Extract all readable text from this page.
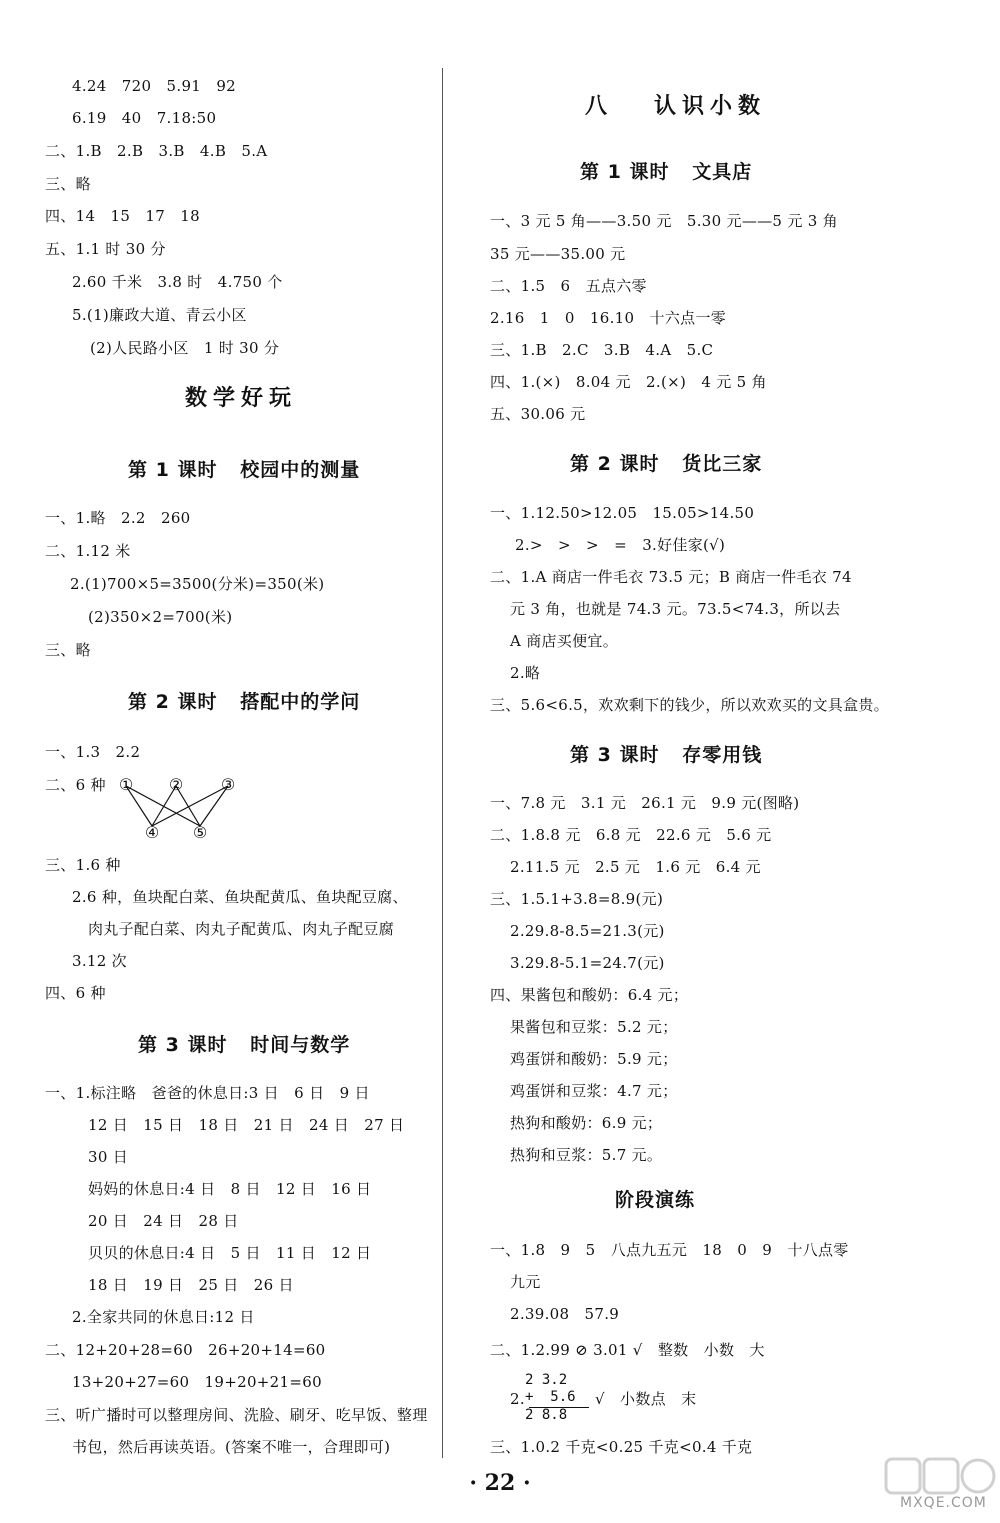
4.24   720   5.91   92
6.19   40   7.18:50
二、1.B   2.B   3.B   4.B   5.A
三、略
四、14   15   17   18
五、1.1 时 30 分
2.60 千米   3.8 时   4.750 个
5.(1)廉政大道、青云小区
(2)人民路小区   1 时 30 分
数学好玩
第 1 课时   校园中的测量
一、1.略   2.2   260
二、1.12 米
2.(1)700×5=3500(分米)=350(米)
(2)350×2=700(米)
三、略
第 2 课时   搭配中的学问
一、1.3   2.2
二、6 种 ① ② ③
④ ⑤
三、1.6 种
2.6 种，鱼块配白菜、鱼块配黄瓜、鱼块配豆腐、
肉丸子配白菜、肉丸子配黄瓜、肉丸子配豆腐
3.12 次
四、6 种
第 3 课时   时间与数学
一、1.标注略   爸爸的休息日:3 日   6 日   9 日
12 日   15 日   18 日   21 日   24 日   27 日
30 日
妈妈的休息日:4 日   8 日   12 日   16 日
20 日   24 日   28 日
贝贝的休息日:4 日   5 日   11 日   12 日
18 日   19 日   25 日   26 日
2.全家共同的休息日:12 日
二、12+20+28=60   26+20+14=60
13+20+27=60   19+20+21=60
三、听广播时可以整理房间、洗脸、刷牙、吃早饭、整理
书包，然后再读英语。(答案不唯一，合理即可)
八   认识小数
第 1 课时   文具店
一、3 元 5 角——3.50 元   5.30 元——5 元 3 角
35 元——35.00 元
二、1.5   6   五点六零
2.16   1   0   16.10   十六点一零
三、1.B   2.C   3.B   4.A   5.C
四、1.(×)   8.04 元   2.(×)   4 元 5 角
五、30.06 元
第 2 课时   货比三家
一、1.12.50>12.05   15.05>14.50
2.>   >   >   =   3.好佳家(√)
二、1.A 商店一件毛衣 73.5 元；B 商店一件毛衣 74
元 3 角，也就是 74.3 元。73.5<74.3，所以去
A 商店买便宜。
2.略
三、5.6<6.5，欢欢剩下的钱少，所以欢欢买的文具盒贵。
第 3 课时   存零用钱
一、7.8 元   3.1 元   26.1 元   9.9 元(图略)
二、1.8.8 元   6.8 元   22.6 元   5.6 元
2.11.5 元   2.5 元   1.6 元   6.4 元
三、1.5.1+3.8=8.9(元)
2.29.8-8.5=21.3(元)
3.29.8-5.1=24.7(元)
四、果酱包和酸奶：6.4 元；
果酱包和豆浆：5.2 元；
鸡蛋饼和酸奶：5.9 元；
鸡蛋饼和豆浆：4.7 元；
热狗和酸奶：6.9 元；
热狗和豆浆：5.7 元。
阶段演练
一、1.8   9   5   八点九五元   18   0   9   十八点零
九元
2.39.08   57.9
二、1.2.99 ⊘ 3.01 √   整数   小数   大
2.
2 3.2
+  5.6
2 8.8
√   小数点   末
三、1.0.2 千克<0.25 千克<0.4 千克
· 22 ·
MXQE.COM
